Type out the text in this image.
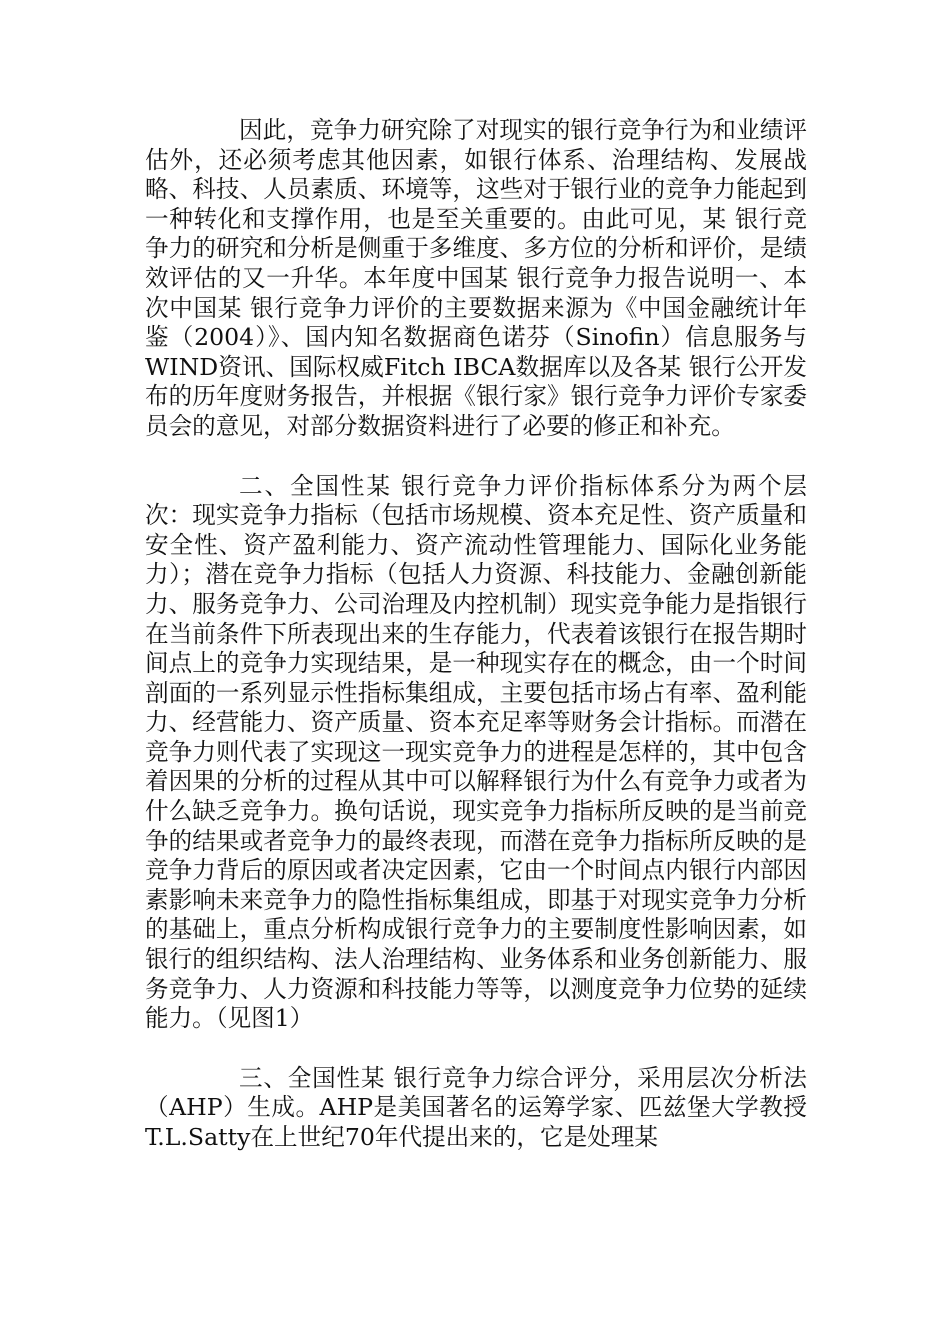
因此，竞争力研究除了对现实的银行竞争行为和业绩评估外，还必须考虑其他因素，如银行体系、治理结构、发展战略、科技、人员素质、环境等，这些对于银行业的竞争力能起到一种转化和支撑作用，也是至关重要的。由此可见，某 银行竞争力的研究和分析是侧重于多维度、多方位的分析和评价，是绩效评估的又一升华。本年度中国某 银行竞争力报告说明一、本次中国某 银行竞争力评价的主要数据来源为《中国金融统计年鉴（2004）》、国内知名数据商色诺芬（Sinofin）信息服务与WIND资讯、国际权威Fitch IBCA数据库以及各某 银行公开发布的历年度财务报告，并根据《银行家》银行竞争力评价专家委员会的意见，对部分数据资料进行了必要的修正和补充。

二、全国性某 银行竞争力评价指标体系分为两个层次：现实竞争力指标（包括市场规模、资本充足性、资产质量和安全性、资产盈利能力、资产流动性管理能力、国际化业务能力）；潜在竞争力指标（包括人力资源、科技能力、金融创新能力、服务竞争力、公司治理及内控机制）现实竞争能力是指银行在当前条件下所表现出来的生存能力，代表着该银行在报告期时间点上的竞争力实现结果，是一种现实存在的概念，由一个时间剖面的一系列显示性指标集组成，主要包括市场占有率、盈利能力、经营能力、资产质量、资本充足率等财务会计指标。而潜在竞争力则代表了实现这一现实竞争力的进程是怎样的，其中包含着因果的分析的过程从其中可以解释银行为什么有竞争力或者为什么缺乏竞争力。换句话说，现实竞争力指标所反映的是当前竞争的结果或者竞争力的最终表现，而潜在竞争力指标所反映的是竞争力背后的原因或者决定因素，它由一个时间点内银行内部因素影响未来竞争力的隐性指标集组成，即基于对现实竞争力分析的基础上，重点分析构成银行竞争力的主要制度性影响因素，如银行的组织结构、法人治理结构、业务体系和业务创新能力、服务竞争力、人力资源和科技能力等等，以测度竞争力位势的延续能力。（见图1）

三、全国性某 银行竞争力综合评分，采用层次分析法（AHP）生成。AHP是美国著名的运筹学家、匹兹堡大学教授T.L.Satty在上世纪70年代提出来的，它是处理某
